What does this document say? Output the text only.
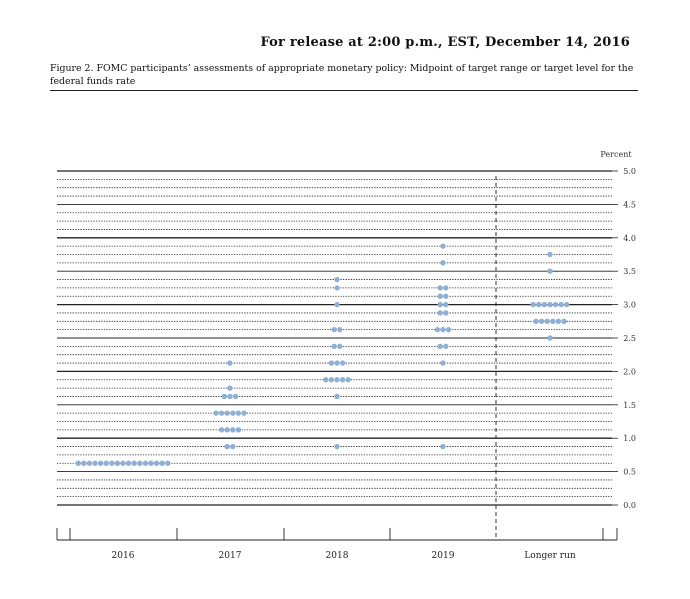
For release at 2:00 p.m., EST, December 14, 2016
Figure 2. FOMC participants’ assessments of appropriate monetary policy: Midpoint of target range or target level for the federal funds rate
0.0
0.5
1.0
1.5
2.0
2.5
3.0
3.5
4.0
4.5
5.0
Percent
2016	2017	2018	2019	Longer run
